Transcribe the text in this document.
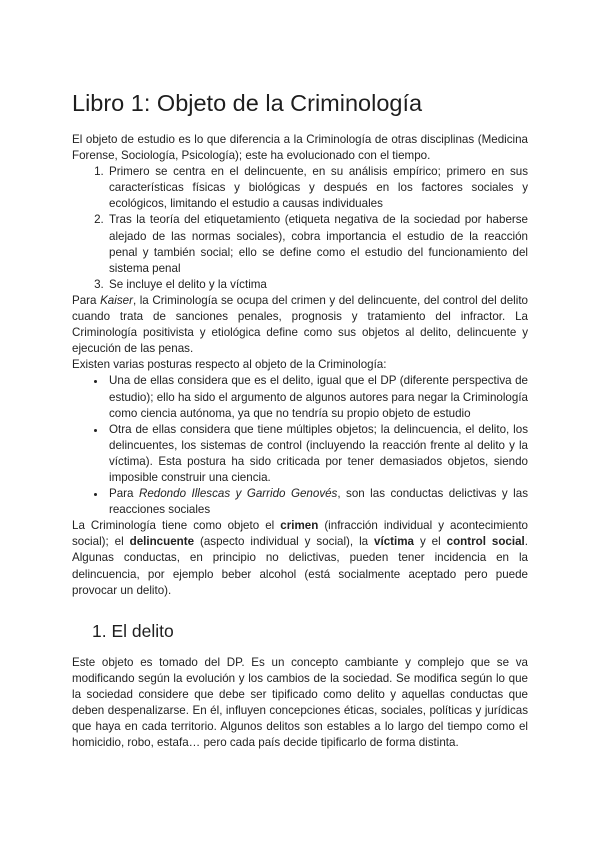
Libro 1: Objeto de la Criminología

El objeto de estudio es lo que diferencia a la Criminología de otras disciplinas (Medicina Forense, Sociología, Psicología); este ha evolucionado con el tiempo.

1. Primero se centra en el delincuente, en su análisis empírico; primero en sus características físicas y biológicas y después en los factores sociales y ecológicos, limitando el estudio a causas individuales
2. Tras la teoría del etiquetamiento (etiqueta negativa de la sociedad por haberse alejado de las normas sociales), cobra importancia el estudio de la reacción penal y también social; ello se define como el estudio del funcionamiento del sistema penal
3. Se incluye el delito y la víctima

Para Kaiser, la Criminología se ocupa del crimen y del delincuente, del control del delito cuando trata de sanciones penales, prognosis y tratamiento del infractor. La Criminología positivista y etiológica define como sus objetos al delito, delincuente y ejecución de las penas.

Existen varias posturas respecto al objeto de la Criminología:

• Una de ellas considera que es el delito, igual que el DP (diferente perspectiva de estudio); ello ha sido el argumento de algunos autores para negar la Criminología como ciencia autónoma, ya que no tendría su propio objeto de estudio
• Otra de ellas considera que tiene múltiples objetos; la delincuencia, el delito, los delincuentes, los sistemas de control (incluyendo la reacción frente al delito y la víctima). Esta postura ha sido criticada por tener demasiados objetos, siendo imposible construir una ciencia.
• Para Redondo Illescas y Garrido Genovés, son las conductas delictivas y las reacciones sociales

La Criminología tiene como objeto el crimen (infracción individual y acontecimiento social); el delincuente (aspecto individual y social), la víctima y el control social. Algunas conductas, en principio no delictivas, pueden tener incidencia en la delincuencia, por ejemplo beber alcohol (está socialmente aceptado pero puede provocar un delito).

1. El delito

Este objeto es tomado del DP. Es un concepto cambiante y complejo que se va modificando según la evolución y los cambios de la sociedad. Se modifica según lo que la sociedad considere que debe ser tipificado como delito y aquellas conductas que deben despenalizarse. En él, influyen concepciones éticas, sociales, políticas y jurídicas que haya en cada territorio. Algunos delitos son estables a lo largo del tiempo como el homicidio, robo, estafa… pero cada país decide tipificarlo de forma distinta.
